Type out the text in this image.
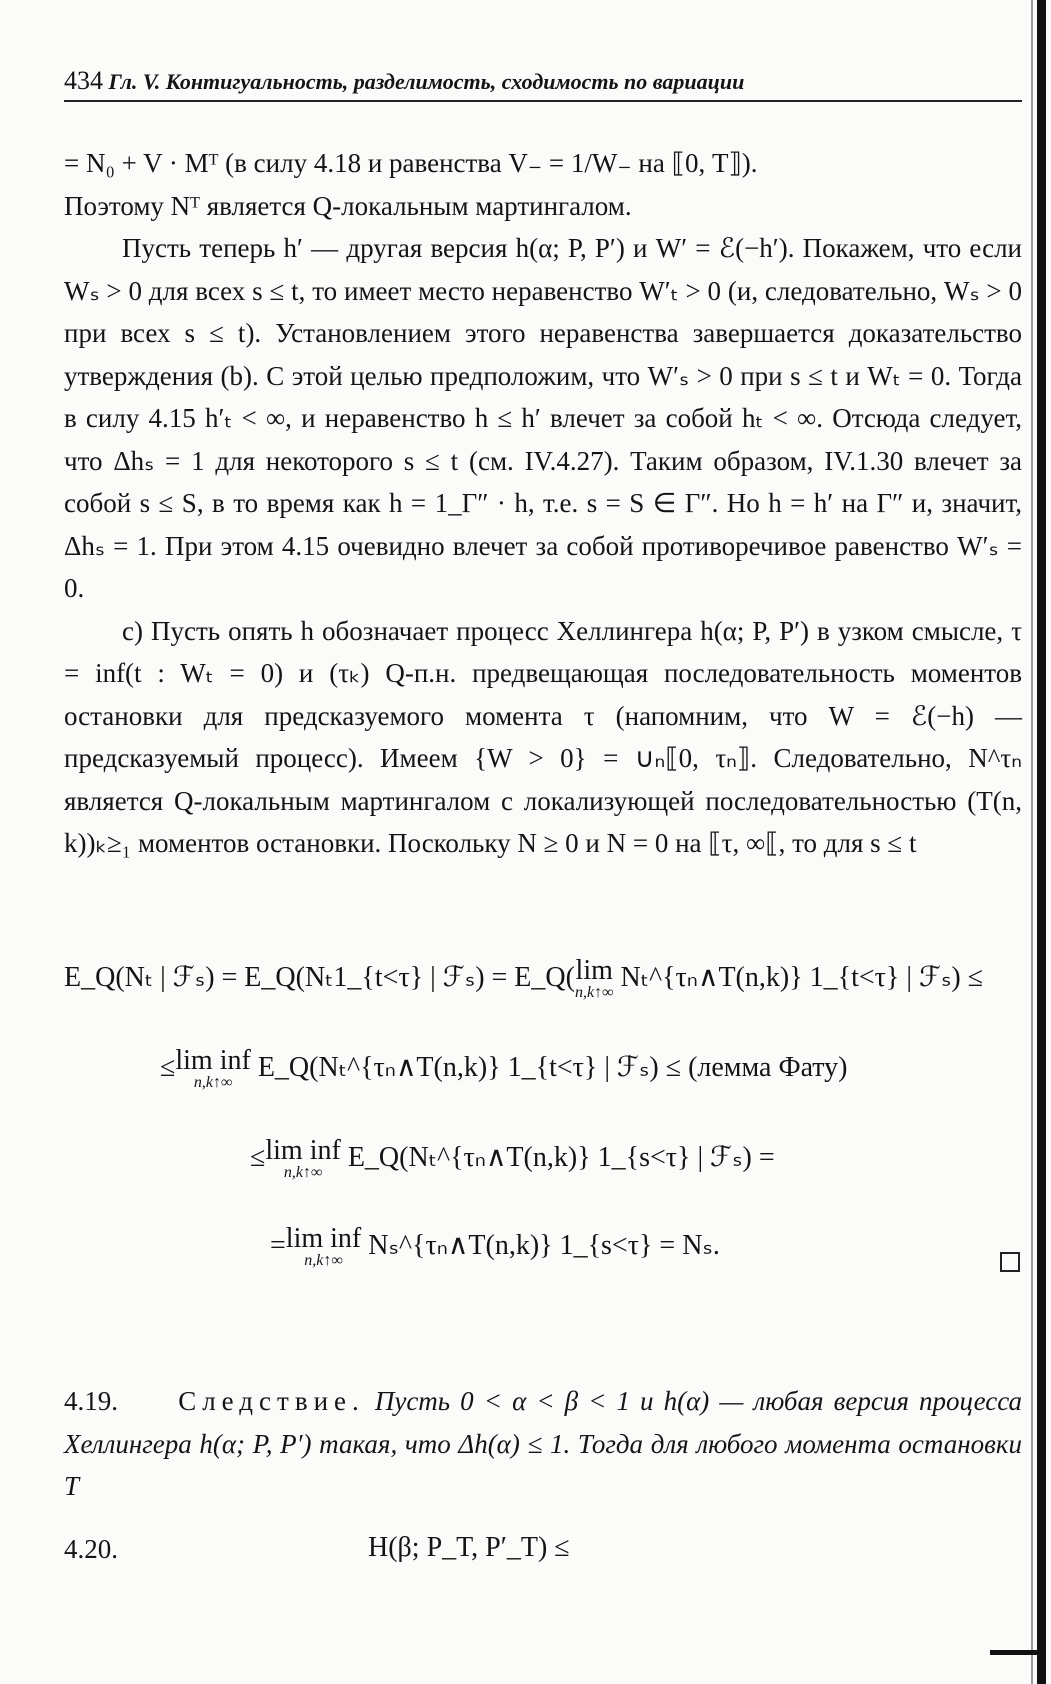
434 Гл. V. Контигуальность, разделимость, сходимость по вариации

= N₀ + V · Mᵀ (в силу 4.18 и равенства V₋ = 1/W₋ на ⟦0, T⟧).

Поэтому Nᵀ является Q-локальным мартингалом.

Пусть теперь h′ — другая версия h(α; P, P′) и W′ = ℰ(−h′). Покажем, что если Wₛ > 0 для всех s ≤ t, то имеет место неравенство W′ₜ > 0 (и, следовательно, Wₛ > 0 при всех s ≤ t). Установлением этого неравенства завершается доказательство утверждения (b). С этой целью предположим, что W′ₛ > 0 при s ≤ t и Wₜ = 0. Тогда в силу 4.15 h′ₜ < ∞, и неравенство h ≤ h′ влечет за собой hₜ < ∞. Отсюда следует, что Δhₛ = 1 для некоторого s ≤ t (см. IV.4.27). Таким образом, IV.1.30 влечет за собой s ≤ S, в то время как h = 1_Γ″ · h, т.е. s = S ∈ Γ″. Но h = h′ на Γ″ и, значит, Δhₛ = 1. При этом 4.15 очевидно влечет за собой противоречивое равенство W′ₛ = 0.

c) Пусть опять h обозначает процесс Хеллингера h(α; P, P′) в узком смысле, τ = inf(t : Wₜ = 0) и (τₖ) Q-п.н. предвещающая последовательность моментов остановки для предсказуемого момента τ (напомним, что W = ℰ(−h) —предсказуемый процесс). Имеем {W > 0} = ∪ₙ⟦0, τₙ⟧. Следовательно, N^τₙ является Q-локальным мартингалом с локализующей последовательностью (T(n, k))ₖ≥₁ моментов остановки. Поскольку N ≥ 0 и N = 0 на ⟦τ, ∞⟦, то для s ≤ t

E_Q(Nₜ | ℱₛ) = E_Q(Nₜ1_{t<τ} | ℱₛ) = E_Q(lim
n,k↑∞ Nₜ^{τₙ∧T(n,k)} 1_{t<τ} | ℱₛ) ≤
≤lim inf
n,k↑∞ E_Q(Nₜ^{τₙ∧T(n,k)} 1_{t<τ} | ℱₛ) ≤ (лемма Фату)
≤lim inf
n,k↑∞ E_Q(Nₜ^{τₙ∧T(n,k)} 1_{s<τ} | ℱₛ) =
=lim inf
n,k↑∞ Nₛ^{τₙ∧T(n,k)} 1_{s<τ} = Nₛ.

4.19. Следствие. Пусть 0 < α < β < 1 и h(α) — любая версия процесса Хеллингера h(α; P, P′) такая, что Δh(α) ≤ 1. Тогда для любого момента остановки T

4.20.	H(β; P_T, P′_T) ≤
